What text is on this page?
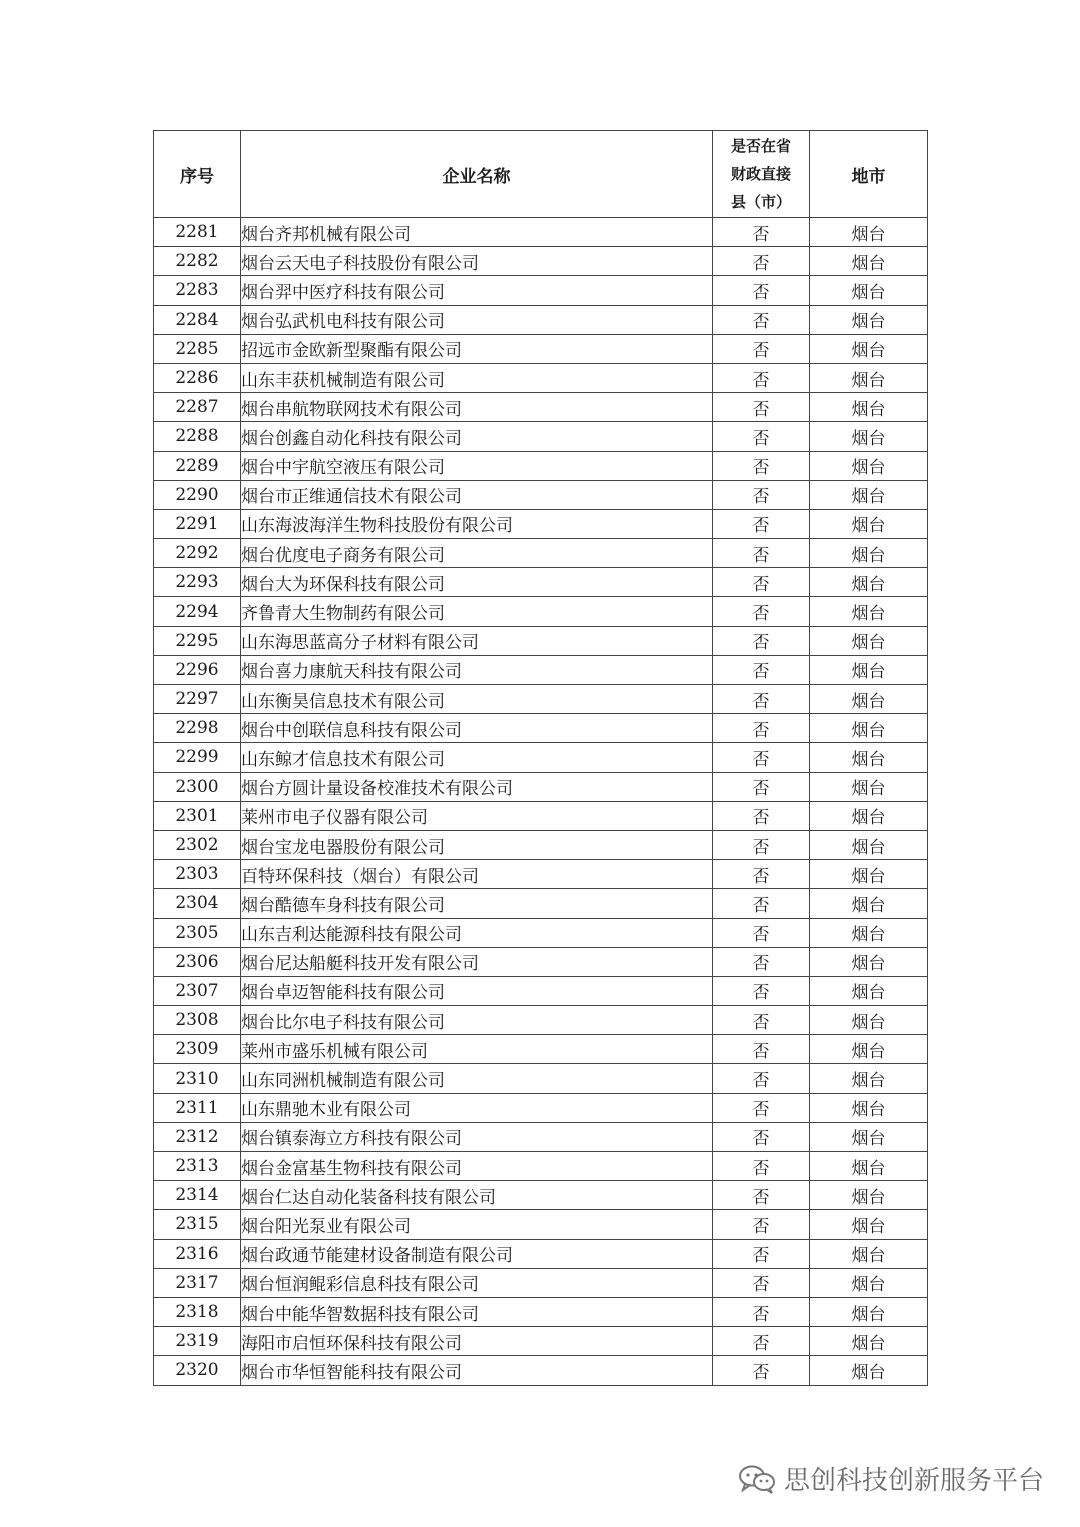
序号	企业名称	是否在省财政直接县（市）	地市
2281	烟台齐邦机械有限公司	否	烟台
2282	烟台云天电子科技股份有限公司	否	烟台
2283	烟台羿中医疗科技有限公司	否	烟台
2284	烟台弘武机电科技有限公司	否	烟台
2285	招远市金欧新型聚酯有限公司	否	烟台
2286	山东丰获机械制造有限公司	否	烟台
2287	烟台串航物联网技术有限公司	否	烟台
2288	烟台创鑫自动化科技有限公司	否	烟台
2289	烟台中宇航空液压有限公司	否	烟台
2290	烟台市正维通信技术有限公司	否	烟台
2291	山东海波海洋生物科技股份有限公司	否	烟台
2292	烟台优度电子商务有限公司	否	烟台
2293	烟台大为环保科技有限公司	否	烟台
2294	齐鲁青大生物制药有限公司	否	烟台
2295	山东海思蓝高分子材料有限公司	否	烟台
2296	烟台喜力康航天科技有限公司	否	烟台
2297	山东衡昊信息技术有限公司	否	烟台
2298	烟台中创联信息科技有限公司	否	烟台
2299	山东鲸才信息技术有限公司	否	烟台
2300	烟台方圆计量设备校准技术有限公司	否	烟台
2301	莱州市电子仪器有限公司	否	烟台
2302	烟台宝龙电器股份有限公司	否	烟台
2303	百特环保科技（烟台）有限公司	否	烟台
2304	烟台酷德车身科技有限公司	否	烟台
2305	山东吉利达能源科技有限公司	否	烟台
2306	烟台尼达船艇科技开发有限公司	否	烟台
2307	烟台卓迈智能科技有限公司	否	烟台
2308	烟台比尔电子科技有限公司	否	烟台
2309	莱州市盛乐机械有限公司	否	烟台
2310	山东同洲机械制造有限公司	否	烟台
2311	山东鼎驰木业有限公司	否	烟台
2312	烟台镇泰海立方科技有限公司	否	烟台
2313	烟台金富基生物科技有限公司	否	烟台
2314	烟台仁达自动化装备科技有限公司	否	烟台
2315	烟台阳光泵业有限公司	否	烟台
2316	烟台政通节能建材设备制造有限公司	否	烟台
2317	烟台恒润鲲彩信息科技有限公司	否	烟台
2318	烟台中能华智数据科技有限公司	否	烟台
2319	海阳市启恒环保科技有限公司	否	烟台
2320	烟台市华恒智能科技有限公司	否	烟台
思创科技创新服务平台
